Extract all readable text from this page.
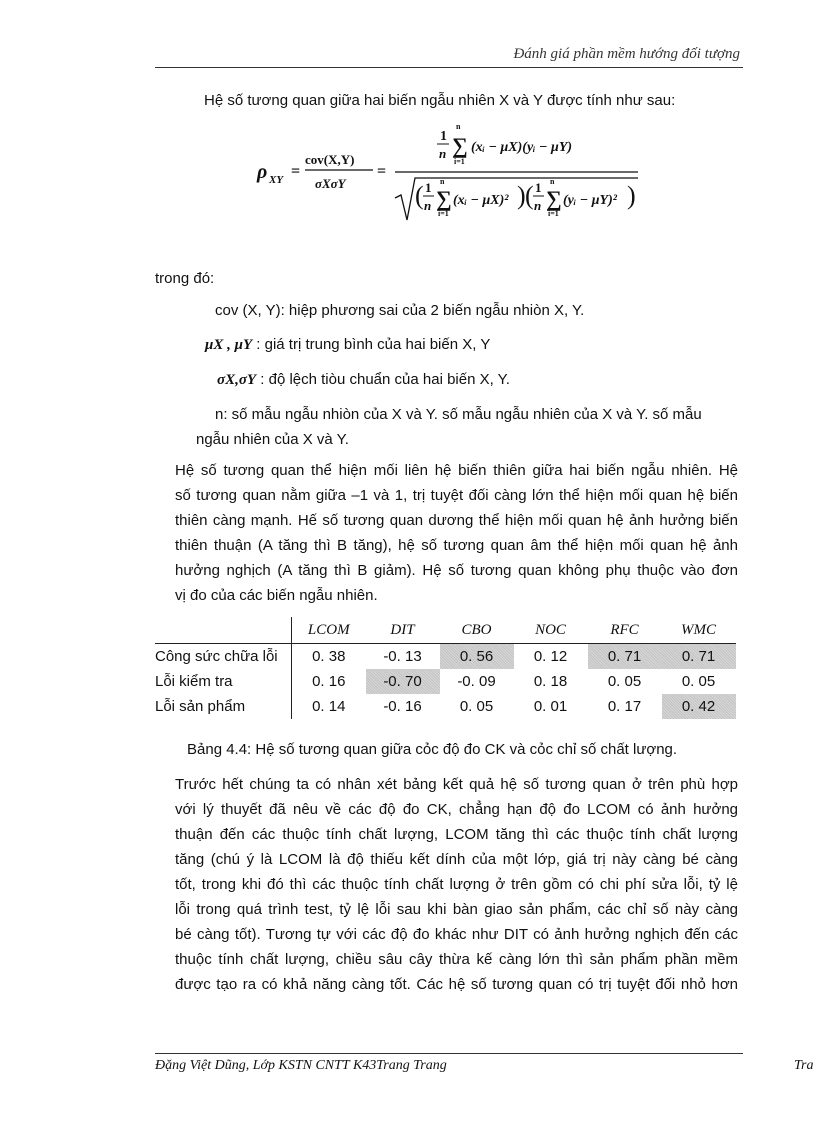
Đánh giá phần mềm hướng đối tượng
Hệ số tương quan giữa hai biến ngẫu nhiên X và Y được tính như sau:
ρ XY =
cov(X,Y)
σXσY
=
1
n ∑
n
i=1
(xᵢ − μX)(yᵢ − μY)
( 1
n ∑
n
i=1
(xᵢ − μX)² ) ( 1
n ∑
n
i=1
(yᵢ − μY)² )
trong đó:
cov (X, Y): hiệp phương sai của 2 biến ngẫu nhiòn X, Y.
μX , μY : giá trị trung bình của hai biến X, Y
σX,σY : độ lệch tiòu chuẩn của hai biến X, Y.
n: số mẫu ngẫu nhiòn của X và Y. số mẫu ngẫu nhiên của X và Y. số mẫu ngẫu nhiên của X và Y.
Hệ số tương quan thể hiện mối liên hệ biến thiên giữa hai biến ngẫu nhiên. Hệ
số tương quan nằm giữa –1 và 1, trị tuyệt đối càng lớn thể hiện mối quan hệ biến
thiên càng mạnh. Hế số tương quan dương thể hiện mối quan hệ ảnh hưởng biến
thiên thuận (A tăng thì B tăng), hệ số tương quan âm thể hiện mối quan hệ ảnh
hưởng nghịch (A tăng thì B giảm). Hệ số tương quan không phụ thuộc vào đơn
vị đo của các biến ngẫu nhiên.
	LCOM	DIT	CBO	NOC	RFC	WMC
Công sức chữa lỗi	0. 38	-0. 13	0. 56	0. 12	0. 71	0. 71
Lỗi kiểm tra	0. 16	-0. 70	-0. 09	0. 18	0. 05	0. 05
Lỗi sản phẩm	0. 14	-0. 16	0. 05	0. 01	0. 17	0. 42
Bảng 4.4: Hệ số tương quan giữa cỏc độ đo CK và cỏc chỉ số chất lượng.
Trước hết chúng ta có nhân xét bảng kết quả hệ số tương quan ở trên phù hợp
với lý thuyết đã nêu về các độ đo CK, chẳng hạn độ đo LCOM có ảnh hưởng
thuận đến các thuộc tính chất lượng, LCOM tăng thì các thuộc tính chất lượng
tăng (chú ý là LCOM là độ thiếu kết dính của một lớp, giá trị này càng bé càng
tốt, trong khi đó thì các thuộc tính chất lượng ở trên gồm có chi phí sửa lỗi, tỷ lệ
lỗi trong quá trình test, tỷ lệ lỗi sau khi bàn giao sản phẩm, các chỉ số này càng
bé càng tốt). Tương tự với các độ đo khác như DIT có ảnh hưởng nghịch đến các
thuộc tính chất lượng, chiều sâu cây thừa kế càng lớn thì sản phẩm phần mềm
được tạo ra có khả năng càng tốt. Các hệ số tương quan có trị tuyệt đối nhỏ hơn
Đặng Việt Dũng, Lớp KSTN CNTT K43Trang Trang	Tra
